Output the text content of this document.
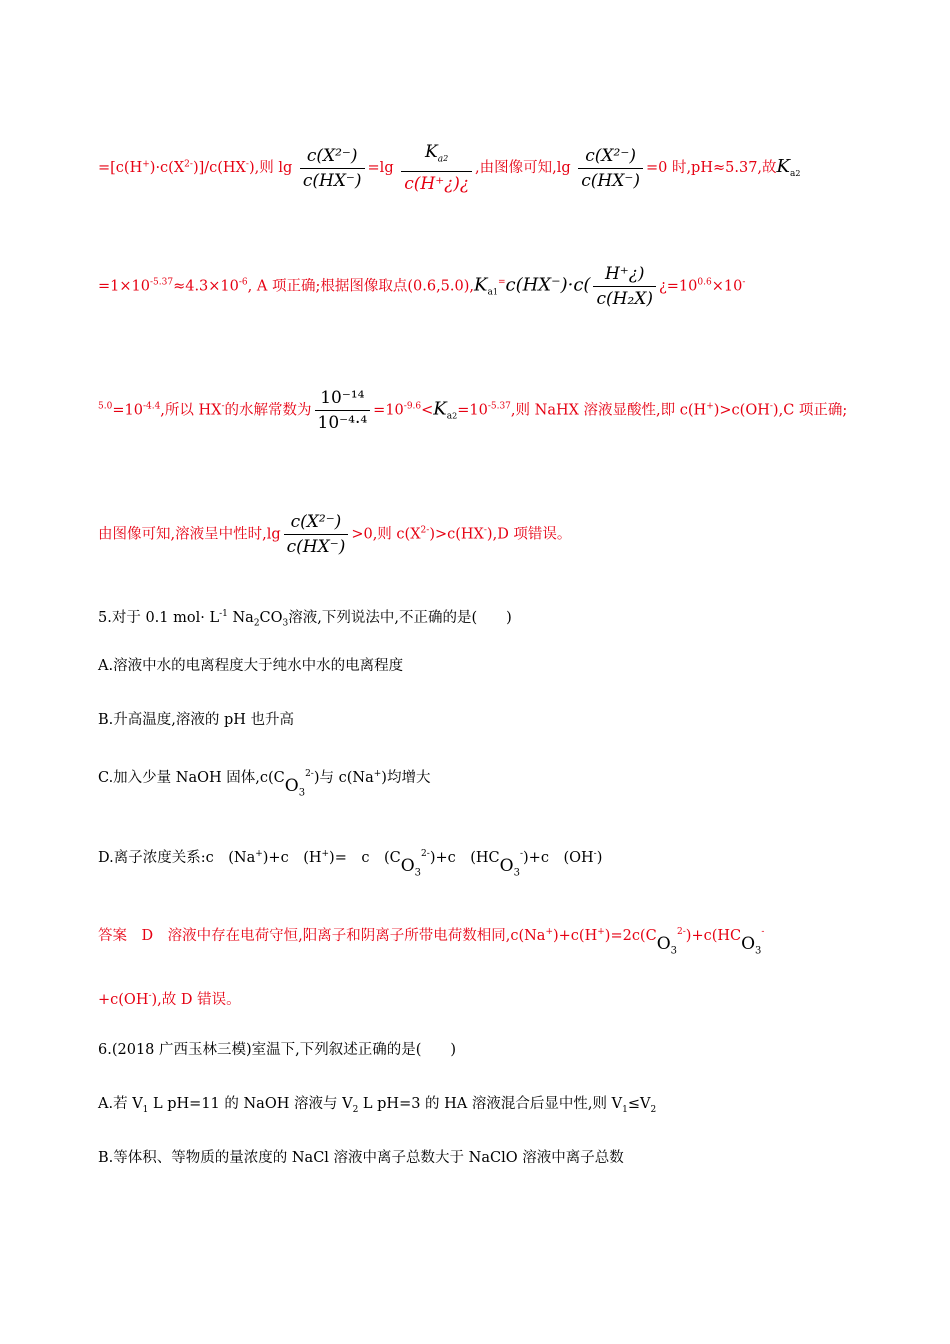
$=[c(H^+)\cdot c(X^{2-})]/c(HX^-)$,则 $\lg \frac{\text{c(X²⁻)}}{c(HX^-)} =\lg \frac{K_{a2}}{c(H^+¿)¿}$ ,由图像可知$,\lg \frac{\text{c(X²⁻)}}{c(HX^-)} =0$ 时,pH≈5.37,故$K_{a2}$
$=1\times 10^{-5.37}\approx 4.3\times 10^{-6}$, A 项正确;根据图像取点$(0.6,5.0),K_{a1}^=c(HX^-)\cdot c( \frac{H^+¿)}{\text{c(H₂X)}}$ ¿$=10^{0.6}\times 10^-$
$^{5.0}=10^{-4.4}$,所以 HX-的水解常数为 $\frac{\text{10⁻¹⁴}}{\text{10⁻⁴·⁴}} =10^{-9.6}<K_{a2}=10^{-5.37}$,则 NaHX 溶液显酸性,即 c(H+)>c(OH-),C 项正确;
由图像可知,溶液呈中性时$,\lg \frac{\text{c(X²⁻)}}{c(HX^-)} >0$,则 $c(X^{2-})>c(HX^-),D$ 项错误。
5.对于 0.1 $mol\cdot L^{-1}$ $Na_2CO_3$溶液,下列说法中,不正确的是(　　)
A.溶液中水的电离程度大于纯水中水的电离程度
B.升高温度,溶液的 pH 也升高
C.加入少量 NaOH 固体$,c(CO_3^{2-})$与 c(Na+)均增大
D.离子浓度关系:c　(Na+)+c　(H+)=　c　$(CO_3^{2-})+c$　$(HCO_3^-)+c$　(OH-)
答案　D　溶液中存在电荷守恒,阳离子和阴离子所带电荷数相同$,c(Na^+)+c(H^+)=2c(CO_3^{2-})+c(HCO_3^-$
+c(OH-),故 D 错误。
6.(2018 广西玉林三模)室温下,下列叙述正确的是(　　)
A.若 $V_1$ L pH=11 的 NaOH 溶液与 $V_2$ L pH=3 的 HA 溶液混合后显中性,则 $V_1\le V_2$
B.等体积、等物质的量浓度的 NaCl 溶液中离子总数大于 NaClO 溶液中离子总数
